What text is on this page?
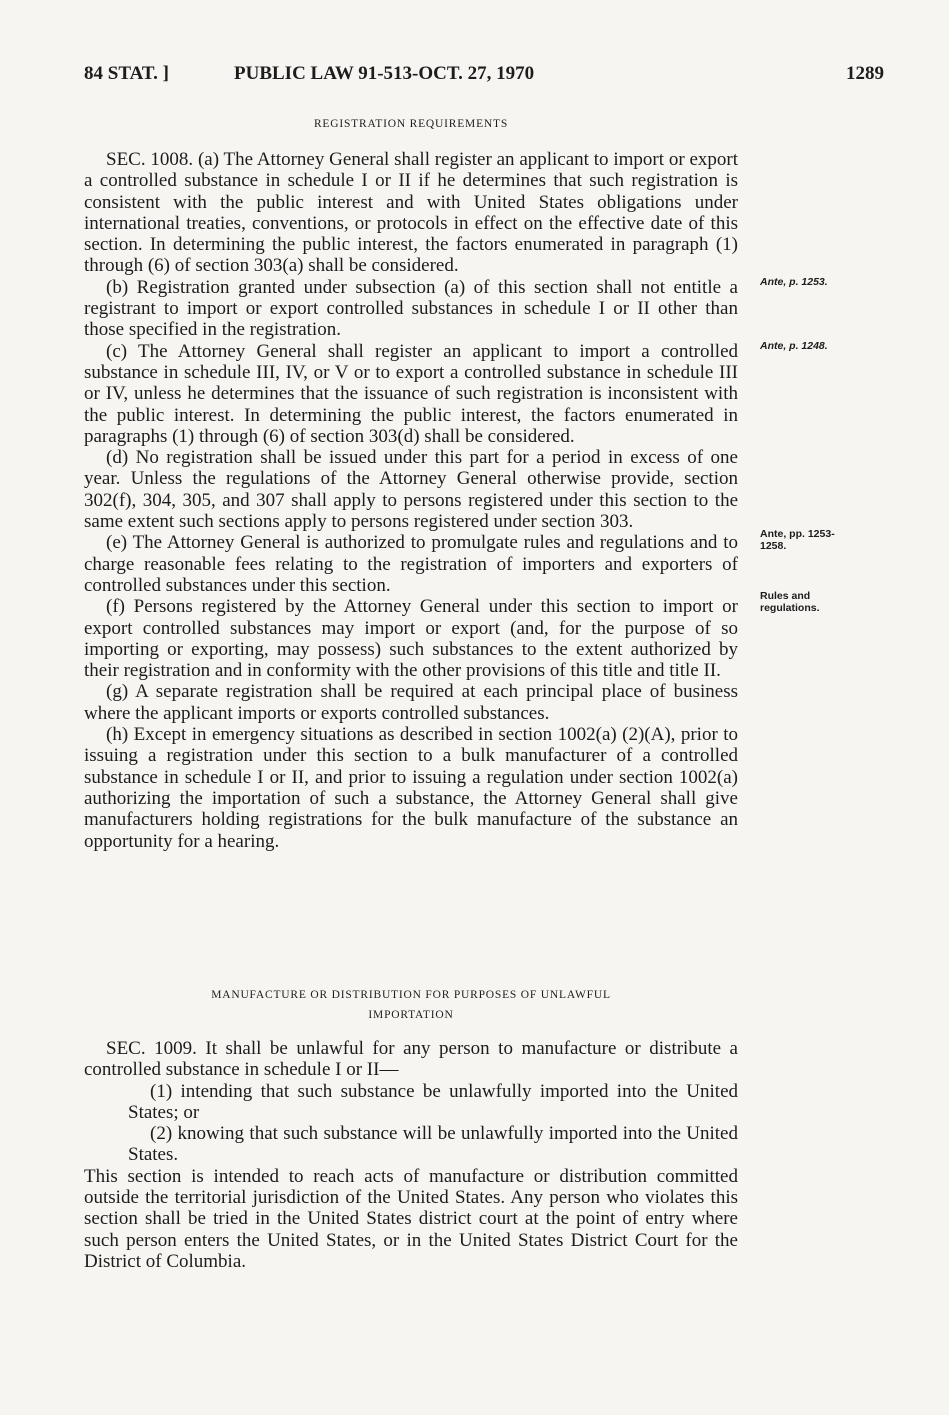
84 STAT. ]	PUBLIC LAW 91-513-OCT. 27, 1970	1289
REGISTRATION REQUIREMENTS

SEC. 1008. (a) The Attorney General shall register an applicant to import or export a controlled substance in schedule I or II if he determines that such registration is consistent with the public interest and with United States obligations under international treaties, conventions, or protocols in effect on the effective date of this section. In determining the public interest, the factors enumerated in paragraph (1) through (6) of section 303(a) shall be considered.

(b) Registration granted under subsection (a) of this section shall not entitle a registrant to import or export controlled substances in schedule I or II other than those specified in the registration.

(c) The Attorney General shall register an applicant to import a controlled substance in schedule III, IV, or V or to export a controlled substance in schedule III or IV, unless he determines that the issuance of such registration is inconsistent with the public interest. In determining the public interest, the factors enumerated in paragraphs (1) through (6) of section 303(d) shall be considered.

(d) No registration shall be issued under this part for a period in excess of one year. Unless the regulations of the Attorney General otherwise provide, section 302(f), 304, 305, and 307 shall apply to persons registered under this section to the same extent such sections apply to persons registered under section 303.

(e) The Attorney General is authorized to promulgate rules and regulations and to charge reasonable fees relating to the registration of importers and exporters of controlled substances under this section.

(f) Persons registered by the Attorney General under this section to import or export controlled substances may import or export (and, for the purpose of so importing or exporting, may possess) such substances to the extent authorized by their registration and in conformity with the other provisions of this title and title II.

(g) A separate registration shall be required at each principal place of business where the applicant imports or exports controlled substances.

(h) Except in emergency situations as described in section 1002(a) (2)(A), prior to issuing a registration under this section to a bulk manufacturer of a controlled substance in schedule I or II, and prior to issuing a regulation under section 1002(a) authorizing the importation of such a substance, the Attorney General shall give manufacturers holding registrations for the bulk manufacture of the substance an opportunity for a hearing.

MANUFACTURE OR DISTRIBUTION FOR PURPOSES OF UNLAWFUL
IMPORTATION

SEC. 1009. It shall be unlawful for any person to manufacture or distribute a controlled substance in schedule I or II—

(1) intending that such substance be unlawfully imported into the United States; or

(2) knowing that such substance will be unlawfully imported into the United States.

This section is intended to reach acts of manufacture or distribution committed outside the territorial jurisdiction of the United States. Any person who violates this section shall be tried in the United States district court at the point of entry where such person enters the United States, or in the United States District Court for the District of Columbia.

Ante, p. 1253.
Ante, p. 1248.
Ante, pp. 1253-1258.
Rules and regulations.
